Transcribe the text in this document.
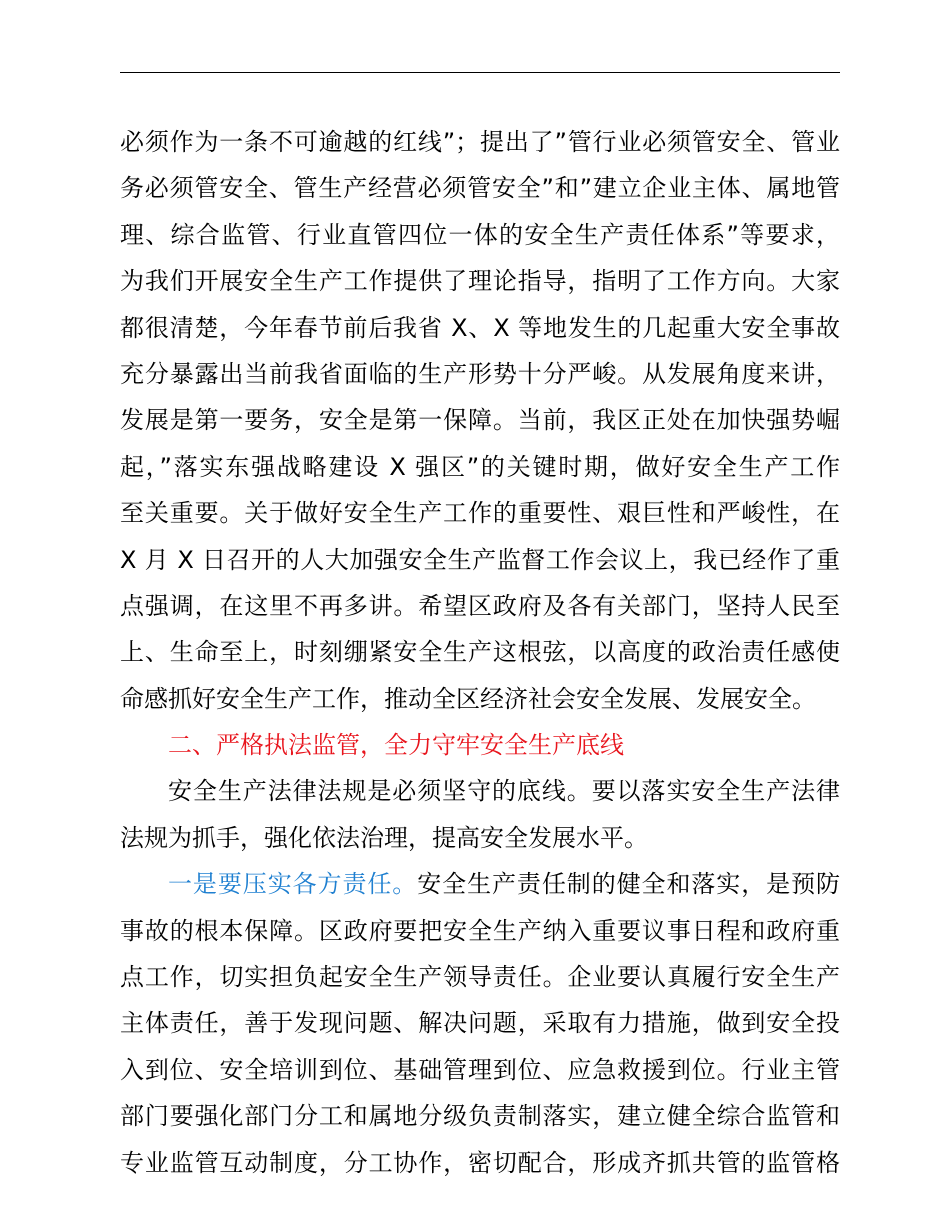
必须作为一条不可逾越的红线”；提出了”管行业必须管安全、管业
务必须管安全、管生产经营必须管安全”和”建立企业主体、属地管
理、综合监管、行业直管四位一体的安全生产责任体系”等要求，
为我们开展安全生产工作提供了理论指导，指明了工作方向。大家
都很清楚，今年春节前后我省 X、X 等地发生的几起重大安全事故
充分暴露出当前我省面临的生产形势十分严峻。从发展角度来讲，
发展是第一要务，安全是第一保障。当前，我区正处在加快强势崛
起，”落实东强战略建设 X 强区”的关键时期，做好安全生产工作
至关重要。关于做好安全生产工作的重要性、艰巨性和严峻性，在
X 月 X 日召开的人大加强安全生产监督工作会议上，我已经作了重
点强调，在这里不再多讲。希望区政府及各有关部门，坚持人民至
上、生命至上，时刻绷紧安全生产这根弦，以高度的政治责任感使
命感抓好安全生产工作，推动全区经济社会安全发展、发展安全。
二、严格执法监管，全力守牢安全生产底线
安全生产法律法规是必须坚守的底线。要以落实安全生产法律
法规为抓手，强化依法治理，提高安全发展水平。
一是要压实各方责任。安全生产责任制的健全和落实，是预防
事故的根本保障。区政府要把安全生产纳入重要议事日程和政府重
点工作，切实担负起安全生产领导责任。企业要认真履行安全生产
主体责任，善于发现问题、解决问题，采取有力措施，做到安全投
入到位、安全培训到位、基础管理到位、应急救援到位。行业主管
部门要强化部门分工和属地分级负责制落实，建立健全综合监管和
专业监管互动制度，分工协作，密切配合，形成齐抓共管的监管格
